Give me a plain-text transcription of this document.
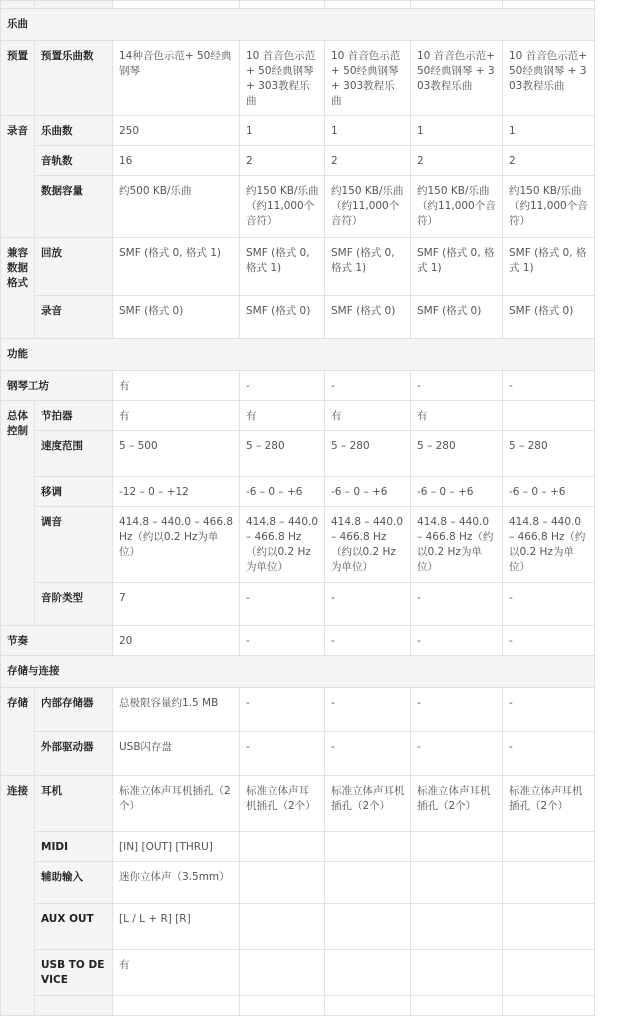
乐曲						
预置	预置乐曲数	14种音色示范+ 50经典钢琴	10 首音色示范+ 50经典钢琴 + 303教程乐曲	10 首音色示范+ 50经典钢琴 + 303教程乐曲	10 首音色示范+ 50经典钢琴 + 303教程乐曲	10 首音色示范+ 50经典钢琴 + 303教程乐曲
录音	乐曲数	250	1	1	1	1
	音轨数	16	2	2	2	2
	数据容量	约500 KB/乐曲	约150 KB/乐曲（约11,000个音符）	约150 KB/乐曲（约11,000个音符）	约150 KB/乐曲（约11,000个音符）	约150 KB/乐曲（约11,000个音符）
兼容数据格式	回放	SMF (格式 0, 格式 1)	SMF (格式 0, 格式 1)	SMF (格式 0, 格式 1)	SMF (格式 0, 格式 1)	SMF (格式 0, 格式 1)
	录音	SMF (格式 0)	SMF (格式 0)	SMF (格式 0)	SMF (格式 0)	SMF (格式 0)
功能						
钢琴工坊		有	-	-	-	-
总体控制	节拍器	有	有	有	有	
	速度范围	5 – 500	5 – 280	5 – 280	5 – 280	5 – 280
	移调	-12 – 0 – +12	-6 – 0 – +6	-6 – 0 – +6	-6 – 0 – +6	-6 – 0 – +6
	调音	414.8 – 440.0 – 466.8 Hz（约以0.2 Hz为单位）	414.8 – 440.0 – 466.8 Hz（约以0.2 Hz为单位）	414.8 – 440.0 – 466.8 Hz（约以0.2 Hz为单位）	414.8 – 440.0 – 466.8 Hz（约以0.2 Hz为单位）	414.8 – 440.0 – 466.8 Hz（约以0.2 Hz为单位）
	音阶类型	7	-	-	-	-
节奏		20	-	-	-	-
存储与连接						
存储	内部存储器	总极限容量约1.5 MB	-	-	-	-
	外部驱动器	USB闪存盘	-	-	-	-
连接	耳机	标准立体声耳机插孔（2个）	标准立体声耳机插孔（2个）	标准立体声耳机插孔（2个）	标准立体声耳机插孔（2个）	标准立体声耳机插孔（2个）
	MIDI	[IN] [OUT] [THRU]				
	辅助输入	迷你立体声（3.5mm）				
	AUX OUT	[L / L + R] [R]				
	USB TO DEVICE	有				
